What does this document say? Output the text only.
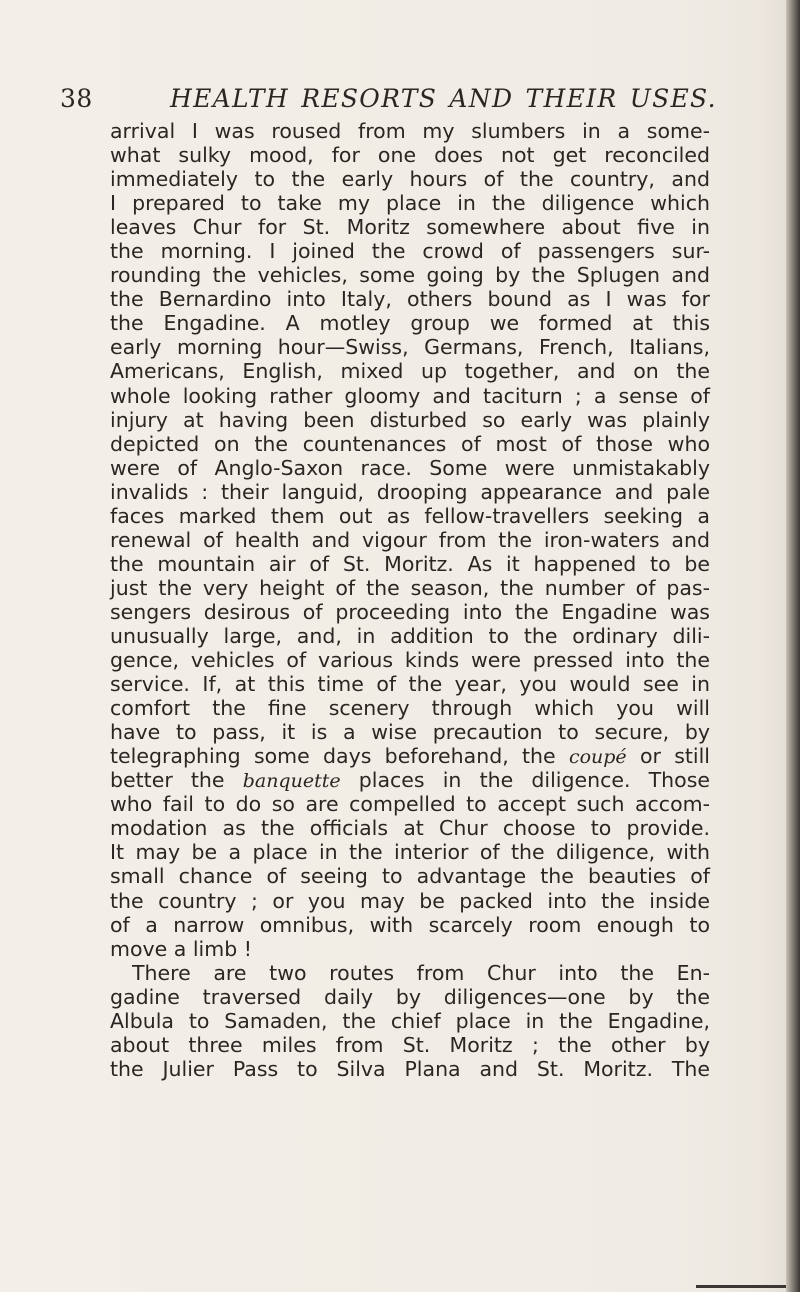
38	HEALTH RESORTS AND THEIR USES.
arrival I was roused from my slumbers in a some-
what sulky mood, for one does not get reconciled
immediately to the early hours of the country, and
I prepared to take my place in the diligence which
leaves Chur for St. Moritz somewhere about five in
the morning. I joined the crowd of passengers sur-
rounding the vehicles, some going by the Splugen and
the Bernardino into Italy, others bound as I was for
the Engadine. A motley group we formed at this
early morning hour—Swiss, Germans, French, Italians,
Americans, English, mixed up together, and on the
whole looking rather gloomy and taciturn ; a sense of
injury at having been disturbed so early was plainly
depicted on the countenances of most of those who
were of Anglo-Saxon race. Some were unmistakably
invalids : their languid, drooping appearance and pale
faces marked them out as fellow-travellers seeking a
renewal of health and vigour from the iron-waters and
the mountain air of St. Moritz. As it happened to be
just the very height of the season, the number of pas-
sengers desirous of proceeding into the Engadine was
unusually large, and, in addition to the ordinary dili-
gence, vehicles of various kinds were pressed into the
service. If, at this time of the year, you would see in
comfort the fine scenery through which you will
have to pass, it is a wise precaution to secure, by
telegraphing some days beforehand, the coupé or still
better the banquette places in the diligence. Those
who fail to do so are compelled to accept such accom-
modation as the officials at Chur choose to provide.
It may be a place in the interior of the diligence, with
small chance of seeing to advantage the beauties of
the country ; or you may be packed into the inside
of a narrow omnibus, with scarcely room enough to
move a limb !
There are two routes from Chur into the En-
gadine traversed daily by diligences—one by the
Albula to Samaden, the chief place in the Engadine,
about three miles from St. Moritz ; the other by
the Julier Pass to Silva Plana and St. Moritz. The
